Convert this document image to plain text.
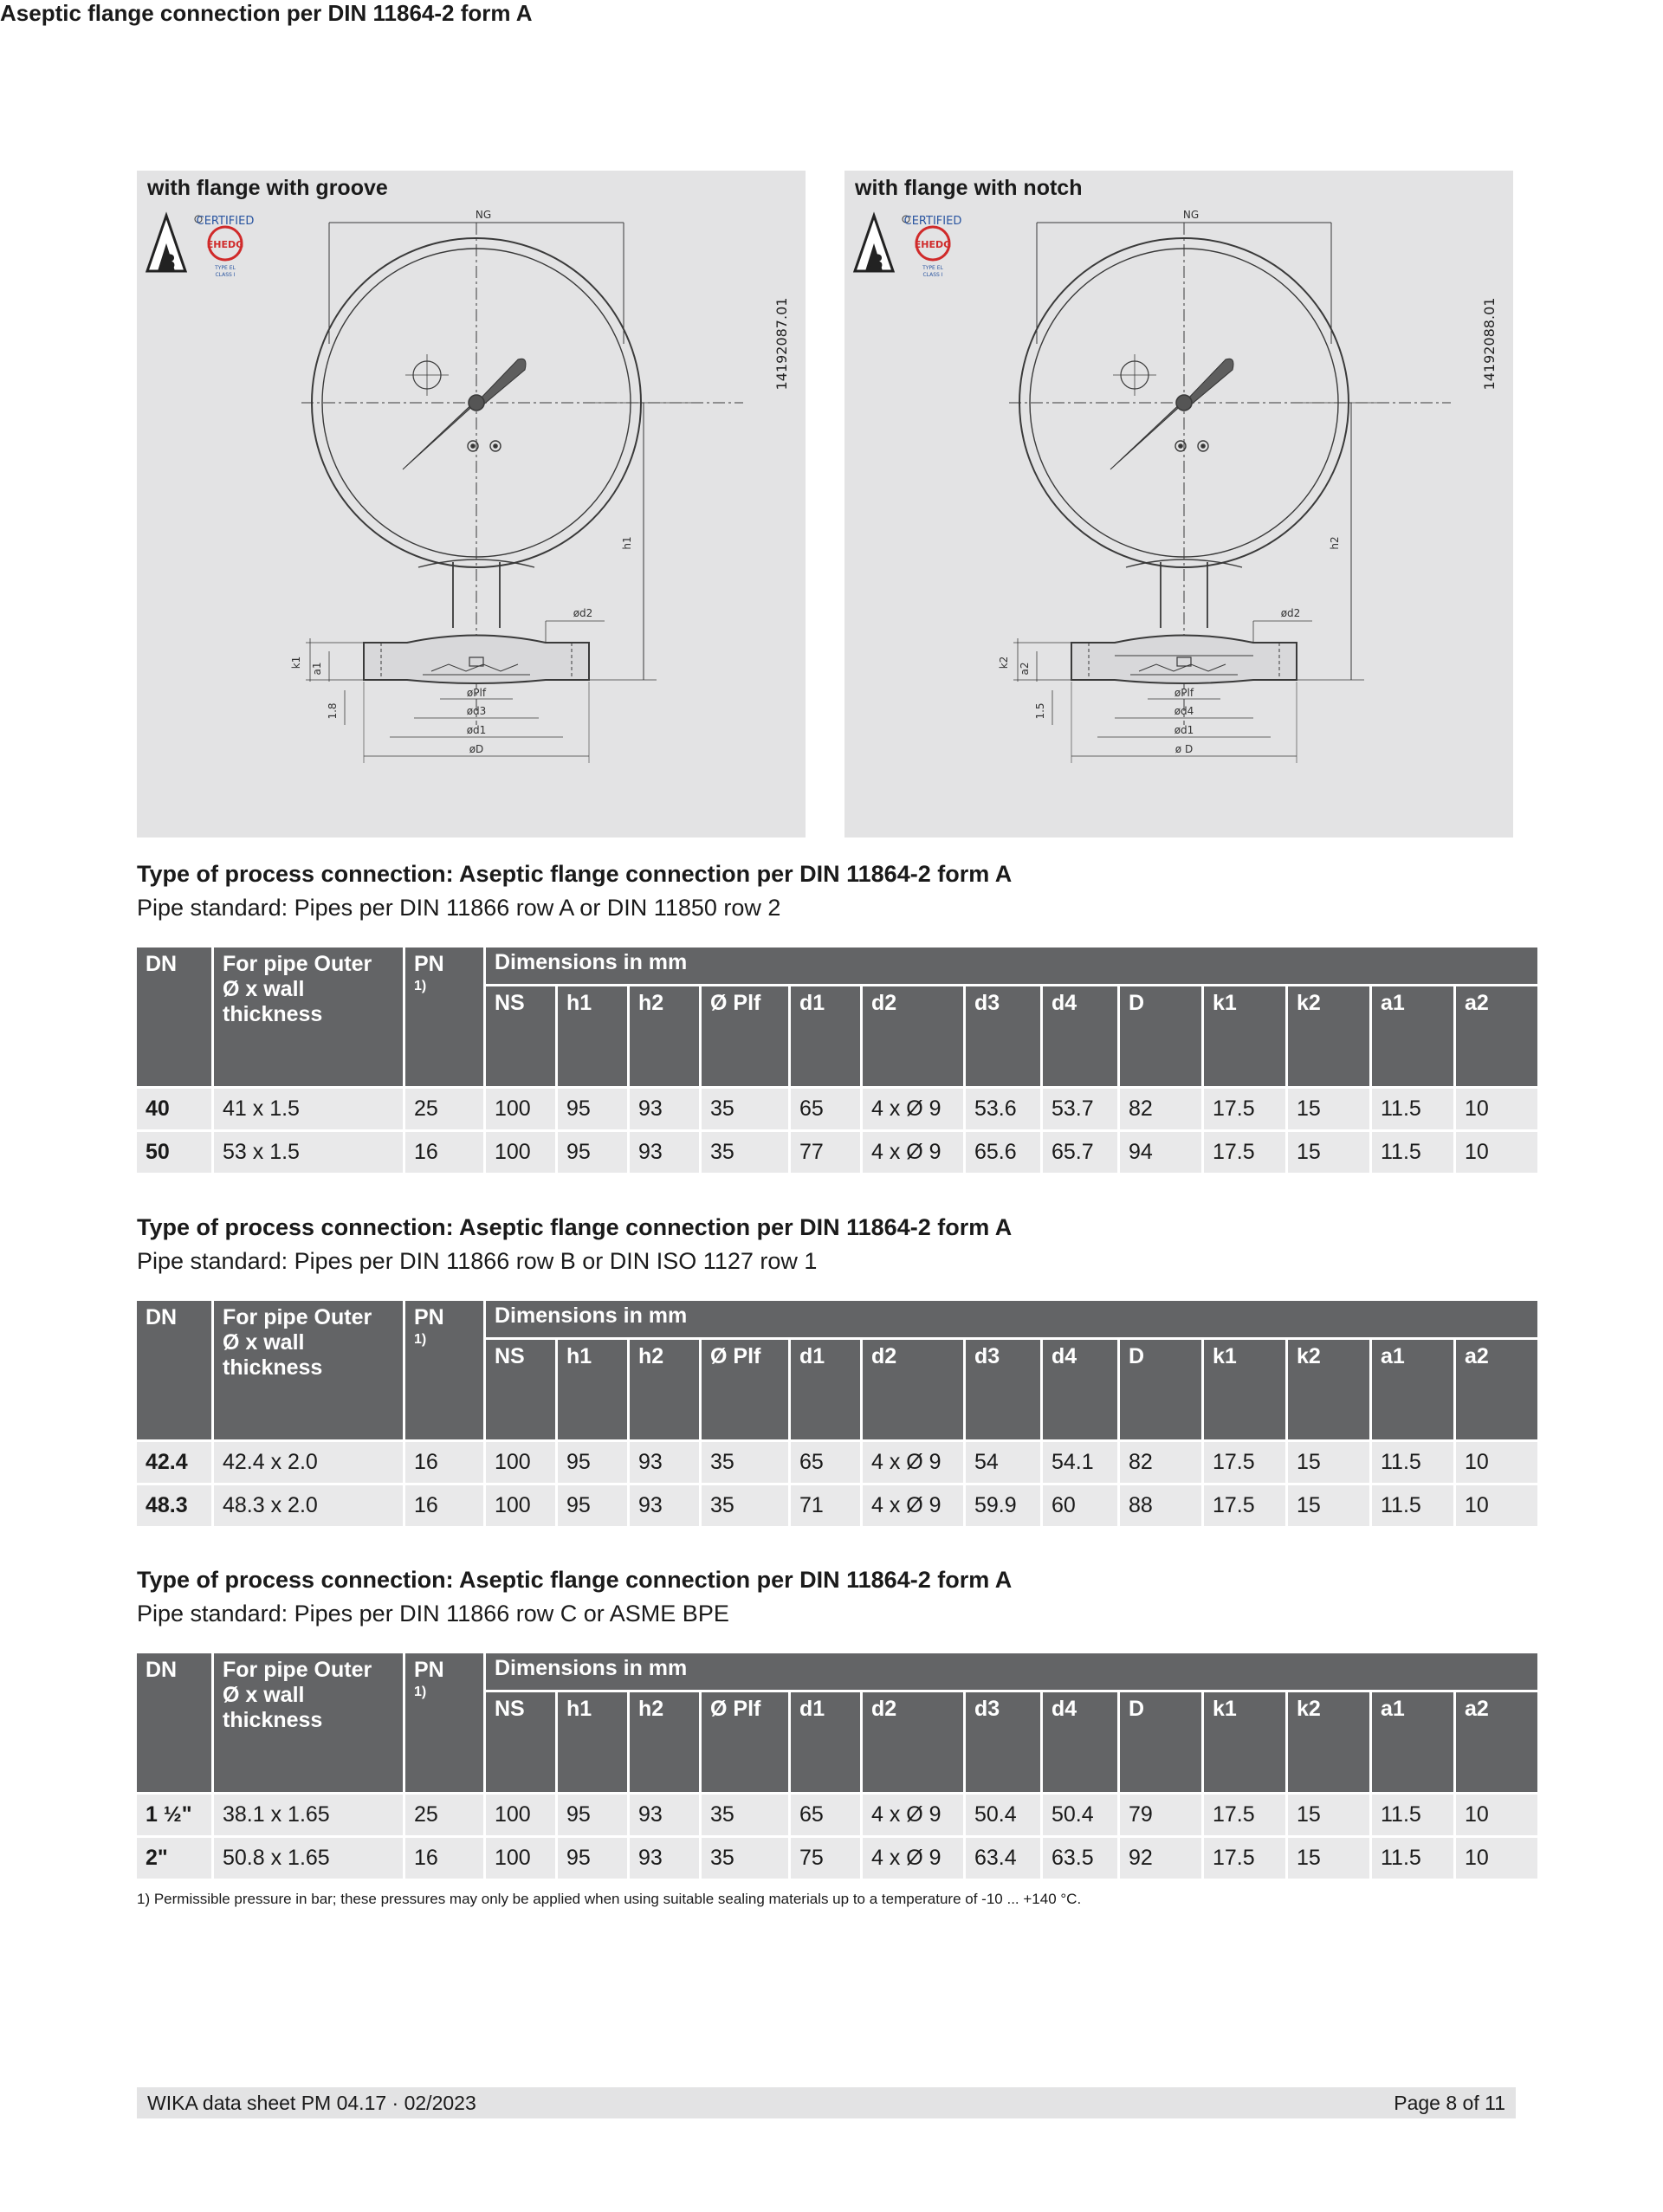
Aseptic flange connection per DIN 11864-2 form A
with flange with groove
3
CERTIFIED
EHEDG
TYPE EL
CLASS I
14192087.01
NG
h1
ød2
k1 a1
1.8
øPlf
ød3
ød1
øD
with flange with notch
3
CERTIFIED
EHEDG
TYPE EL
CLASS I
14192088.01
NG
h2
ød2
k2 a2
1.5
øPlf
ød4
ød1
ø D
Type of process connection: Aseptic flange connection per DIN 11864-2 form A
Pipe standard: Pipes per DIN 11866 row A or DIN 11850 row 2
DN	For pipe Outer Ø x wall thickness	PN
1)	Dimensions in mm												
			NS	h1	h2	Ø Plf	d1	d2	d3	d4	D	k1	k2	a1	a2
40	41 x 1.5	25	100	95	93	35	65	4 x Ø 9	53.6	53.7	82	17.5	15	11.5	10
50	53 x 1.5	16	100	95	93	35	77	4 x Ø 9	65.6	65.7	94	17.5	15	11.5	10
Type of process connection: Aseptic flange connection per DIN 11864-2 form A
Pipe standard: Pipes per DIN 11866 row B or DIN ISO 1127 row 1
DN	For pipe Outer Ø x wall thickness	PN
1)	Dimensions in mm												
			NS	h1	h2	Ø Plf	d1	d2	d3	d4	D	k1	k2	a1	a2
42.4	42.4 x 2.0	16	100	95	93	35	65	4 x Ø 9	54	54.1	82	17.5	15	11.5	10
48.3	48.3 x 2.0	16	100	95	93	35	71	4 x Ø 9	59.9	60	88	17.5	15	11.5	10
Type of process connection: Aseptic flange connection per DIN 11864-2 form A
Pipe standard: Pipes per DIN 11866 row C or ASME BPE
DN	For pipe Outer Ø x wall thickness	PN
1)	Dimensions in mm												
			NS	h1	h2	Ø Plf	d1	d2	d3	d4	D	k1	k2	a1	a2
1 ½"	38.1 x 1.65	25	100	95	93	35	65	4 x Ø 9	50.4	50.4	79	17.5	15	11.5	10
2"	50.8 x 1.65	16	100	95	93	35	75	4 x Ø 9	63.4	63.5	92	17.5	15	11.5	10
1) Permissible pressure in bar; these pressures may only be applied when using suitable sealing materials up to a temperature of -10 ... +140 °C.
WIKA data sheet PM 04.17 · 02/2023	Page 8 of 11
